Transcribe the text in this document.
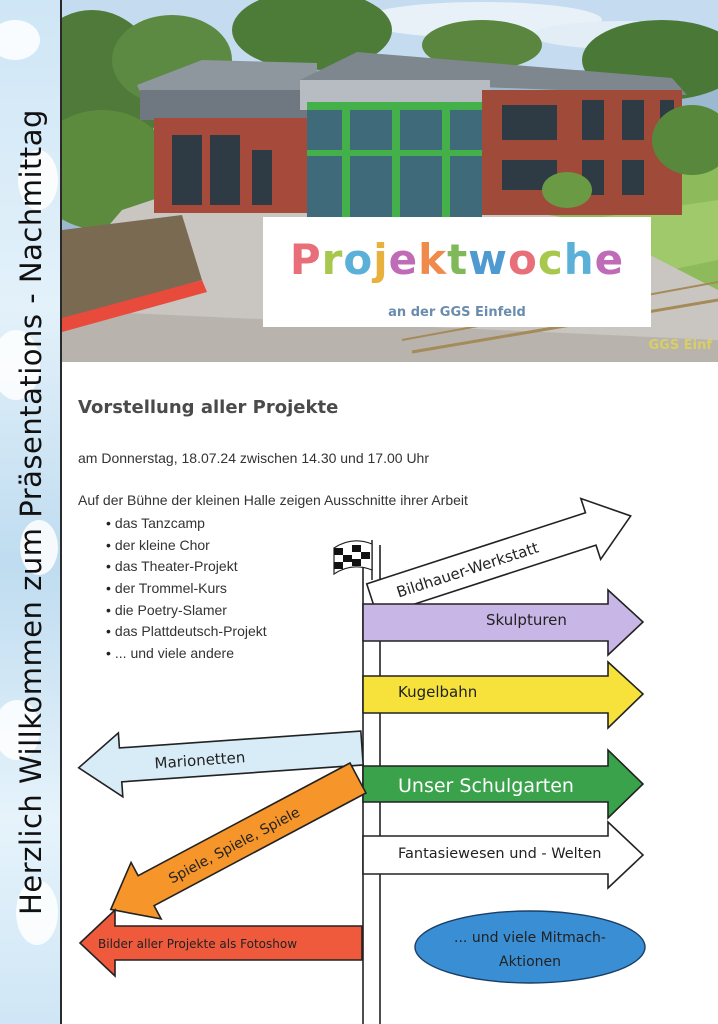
Herzlich Willkommen zum Präsentations - Nachmittag	Projektwoche
an der GGS Einfeld
GGS Einf
Vorstellung aller Projekte
am Donnerstag, 18.07.24 zwischen 14.30 und 17.00 Uhr
Auf der Bühne der kleinen Halle zeigen Ausschnitte ihrer Arbeit
• das Tanzcamp
• der kleine Chor
• das Theater-Projekt
• der Trommel-Kurs
• die Poetry-Slamer
• das Plattdeutsch-Projekt
• ... und viele andere
Bildhauer-Werkstatt
Skulpturen
Kugelbahn
Marionetten
Unser Schulgarten
Spiele, Spiele, Spiele	Fantasiewesen und - Welten
Bilder aller Projekte als Fotoshow	... und viele Mitmach-
Aktionen
